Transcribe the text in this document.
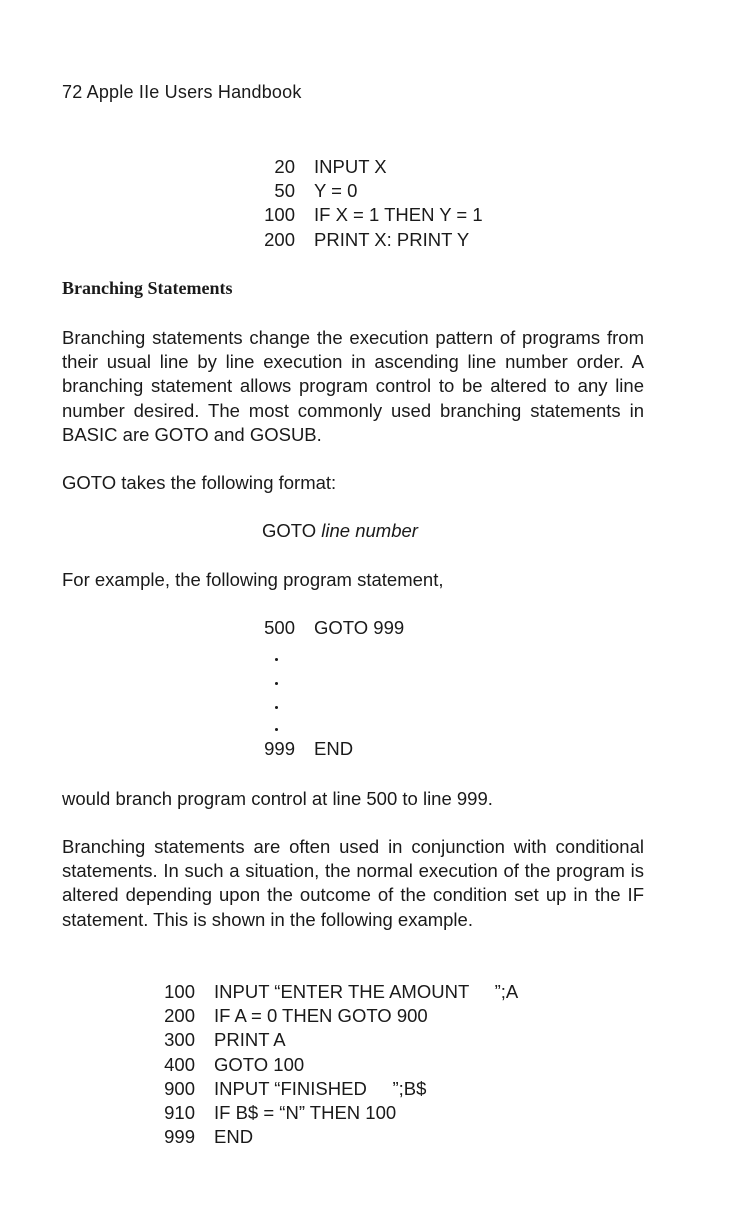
72 Apple IIe Users Handbook
20 INPUT X
50 Y = 0
100 IF X = 1 THEN Y = 1
200 PRINT X: PRINT Y
Branching Statements

Branching statements change the execution pattern of programs from their usual line by line execution in ascending line number order. A branching statement allows program control to be altered to any line number desired. The most commonly used branching statements in BASIC are GOTO and GOSUB.

GOTO takes the following format:

GOTO line number

For example, the following program statement,

500 GOTO 999
999 END

would branch program control at line 500 to line 999.

Branching statements are often used in conjunction with conditional statements. In such a situation, the normal execution of the program is altered depending upon the outcome of the condition set up in the IF statement. This is shown in the following example.

100 INPUT “ENTER THE AMOUNT     ”;A
200 IF A = 0 THEN GOTO 900
300 PRINT A
400 GOTO 100
900 INPUT “FINISHED     ”;B$
910 IF B$ = “N” THEN 100
999 END
